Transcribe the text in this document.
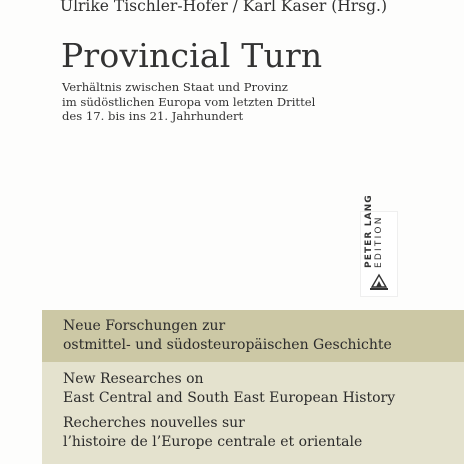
Ulrike Tischler-Hofer / Karl Kaser (Hrsg.)
Provincial Turn
Verhältnis zwischen Staat und Provinz
im südöstlichen Europa vom letzten Drittel
des 17. bis ins 21. Jahrhundert
PETER LANG EDITION
Neue Forschungen zur
ostmittel- und südosteuropäischen Geschichte
New Researches on
East Central and South East European History
Recherches nouvelles sur
l’histoire de l’Europe centrale et orientale
